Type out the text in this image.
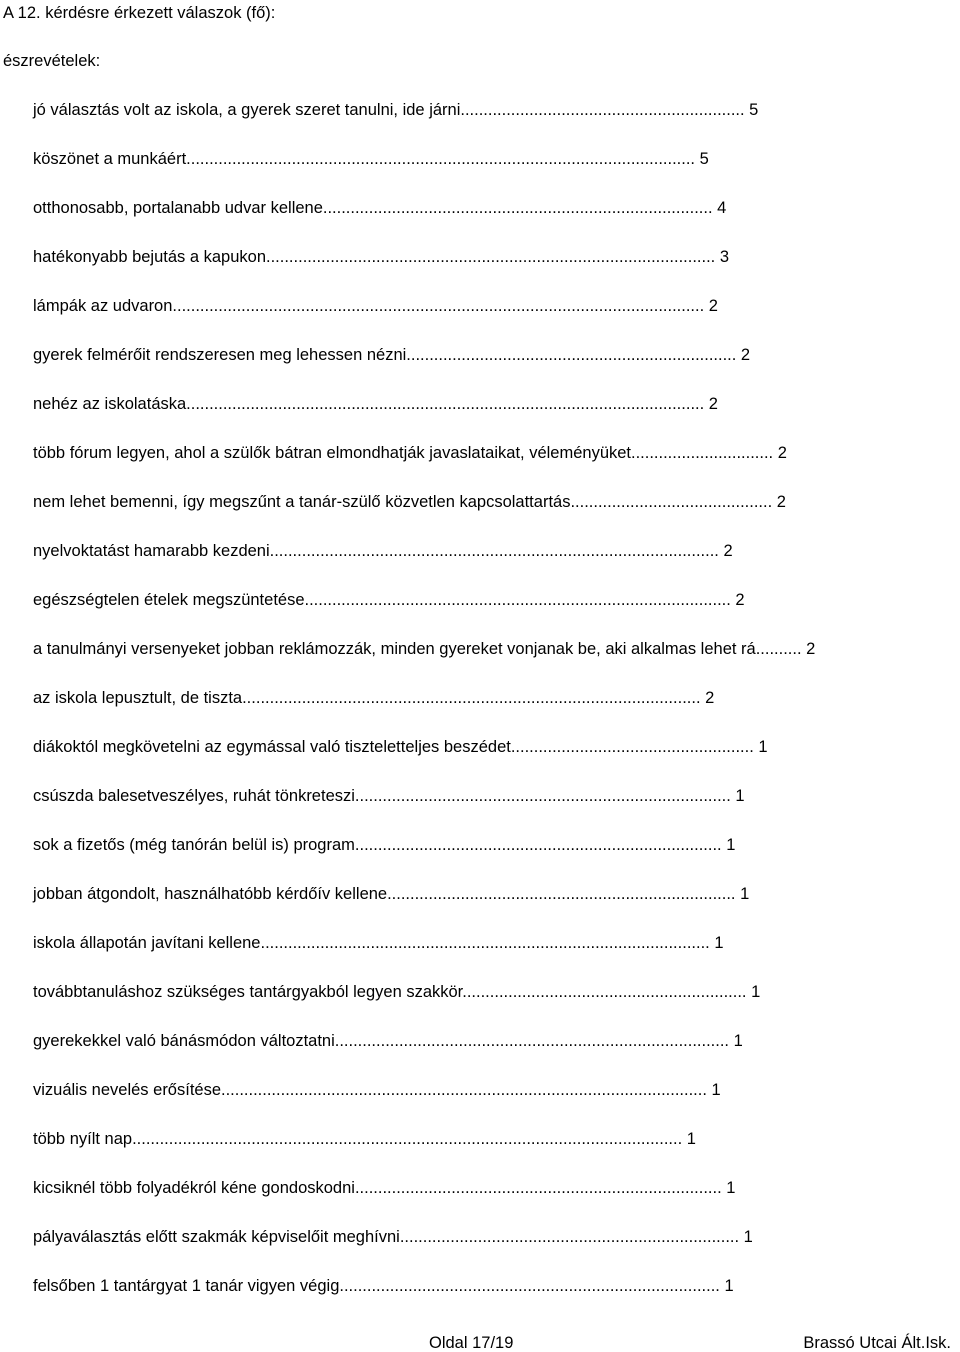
A 12. kérdésre érkezett válaszok (fő):
észrevételek:
jó választás volt az iskola, a gyerek szeret tanulni, ide járni.............................................................. 5
köszönet a munkáért............................................................................................................... 5
otthonosabb, portalanabb udvar kellene..................................................................................... 4
hatékonyabb bejutás a kapukon.................................................................................................. 3
lámpák az udvaron.................................................................................................................... 2
gyerek felmérőit rendszeresen meg lehessen nézni........................................................................ 2
nehéz az iskolatáska................................................................................................................. 2
több fórum legyen, ahol a szülők bátran elmondhatják javaslataikat, véleményüket............................... 2
nem lehet bemenni, így megszűnt a tanár-szülő közvetlen kapcsolattartás............................................ 2
nyelvoktatást hamarabb kezdeni.................................................................................................. 2
egészségtelen ételek megszüntetése............................................................................................. 2
a tanulmányi versenyeket jobban reklámozzák, minden gyereket vonjanak be, aki alkalmas lehet rá.......... 2
az iskola lepusztult, de tiszta.................................................................................................... 2
diákoktól megkövetelni az egymással való tiszteletteljes beszédet..................................................... 1
csúszda balesetveszélyes, ruhát tönkreteszi.................................................................................. 1
sok a fizetős (még tanórán belül is) program................................................................................ 1
jobban átgondolt, használhatóbb kérdőív kellene............................................................................ 1
iskola állapotán javítani kellene.................................................................................................. 1
továbbtanuláshoz szükséges tantárgyakból legyen szakkör.............................................................. 1
gyerekekkel való bánásmódon változtatni...................................................................................... 1
vizuális nevelés erősítése.......................................................................................................... 1
több nyílt nap........................................................................................................................ 1
kicsiknél több folyadékról kéne gondoskodni................................................................................ 1
pályaválasztás előtt szakmák képviselőit meghívni.......................................................................... 1
felsőben 1 tantárgyat 1 tanár vigyen végig................................................................................... 1
Oldal 17/19	Brassó Utcai Ált.Isk.
